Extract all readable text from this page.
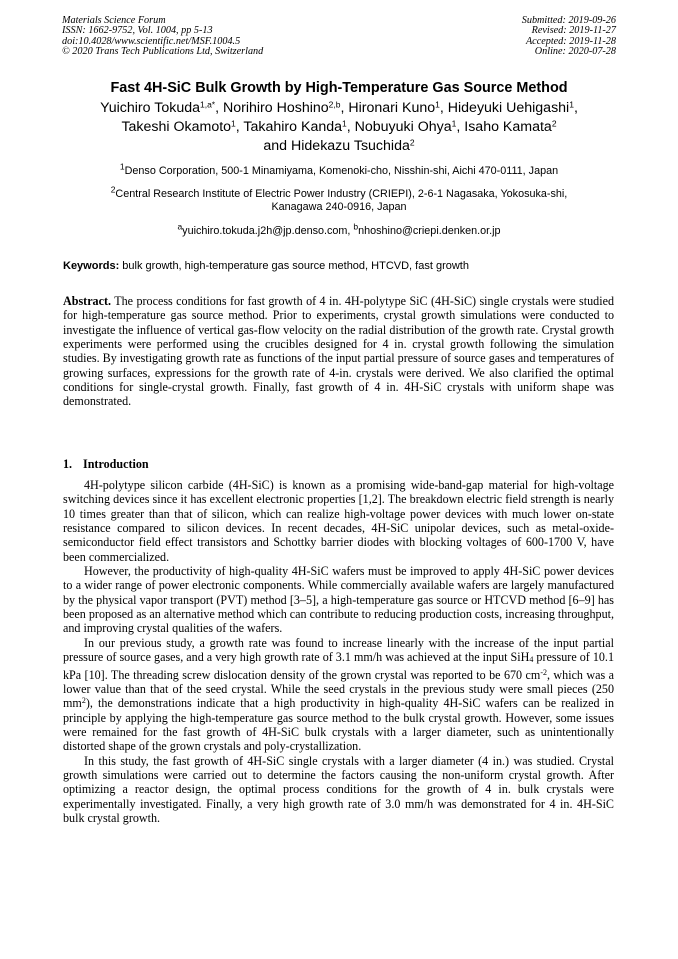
Materials Science Forum
ISSN: 1662-9752, Vol. 1004, pp 5-13
doi:10.4028/www.scientific.net/MSF.1004.5
© 2020 Trans Tech Publications Ltd, Switzerland
Submitted: 2019-09-26
Revised: 2019-11-27
Accepted: 2019-11-28
Online: 2020-07-28
Fast 4H-SiC Bulk Growth by High-Temperature Gas Source Method
Yuichiro Tokuda$^{1,a*}$, Norihiro Hoshino$^{2,b}$, Hironari Kuno$^1$, Hideyuki Uehigashi$^1$,
Takeshi Okamoto$^1$, Takahiro Kanda$^1$, Nobuyuki Ohya$^1$, Isaho Kamata$^2$
and Hidekazu Tsuchida$^2$
$^1$Denso Corporation, 500-1 Minamiyama, Komenoki-cho, Nisshin-shi, Aichi 470-0111, Japan
$^2$Central Research Institute of Electric Power Industry (CRIEPI), 2-6-1 Nagasaka, Yokosuka-shi,
Kanagawa 240-0916, Japan
$^a$yuichiro.tokuda.j2h@jp.denso.com, $^b$nhoshino@criepi.denken.or.jp
Keywords: bulk growth, high-temperature gas source method, HTCVD, fast growth
Abstract. The process conditions for fast growth of 4 in. 4H-polytype SiC (4H-SiC) single crystals were studied for high-temperature gas source method. Prior to experiments, crystal growth simulations were conducted to investigate the influence of vertical gas-flow velocity on the radial distribution of the growth rate. Crystal growth experiments were performed using the crucibles designed for 4 in. crystal growth following the simulation studies. By investigating growth rate as functions of the input partial pressure of source gases and temperatures of growing surfaces, expressions for the growth rate of 4-in. crystals were derived. We also clarified the optimal conditions for single-crystal growth. Finally, fast growth of 4 in. 4H-SiC crystals with uniform shape was demonstrated.
1. Introduction

4H-polytype silicon carbide (4H-SiC) is known as a promising wide-band-gap material for high-voltage switching devices since it has excellent electronic properties [1,2]. The breakdown electric field strength is nearly 10 times greater than that of silicon, which can realize high-voltage power devices with much lower on-state resistance compared to silicon devices. In recent decades, 4H-SiC unipolar devices, such as metal-oxide-semiconductor field effect transistors and Schottky barrier diodes with blocking voltages of 600-1700 V, have been commercialized.

However, the productivity of high-quality 4H-SiC wafers must be improved to apply 4H-SiC power devices to a wider range of power electronic components. While commercially available wafers are largely manufactured by the physical vapor transport (PVT) method [3–5], a high-temperature gas source or HTCVD method [6–9] has been proposed as an alternative method which can contribute to reducing production costs, increasing throughput, and improving crystal qualities of the wafers.

In our previous study, a growth rate was found to increase linearly with the increase of the input partial pressure of source gases, and a very high growth rate of 3.1 mm/h was achieved at the input SiH$_4$ pressure of 10.1 kPa [10]. The threading screw dislocation density of the grown crystal was reported to be 670 $cm^{-2}$, which was a lower value than that of the seed crystal. While the seed crystals in the previous study were small pieces (250 $mm^2$), the demonstrations indicate that a high productivity in high-quality 4H-SiC wafers can be realized in principle by applying the high-temperature gas source method to the bulk crystal growth. However, some issues were remained for the fast growth of 4H-SiC bulk crystals with a larger diameter, such as unintentionally distorted shape of the grown crystals and poly-crystallization.

In this study, the fast growth of 4H-SiC single crystals with a larger diameter (4 in.) was studied. Crystal growth simulations were carried out to determine the factors causing the non-uniform crystal growth. After optimizing a reactor design, the optimal process conditions for the growth of 4 in. bulk crystals were experimentally investigated. Finally, a very high growth rate of 3.0 mm/h was demonstrated for 4 in. 4H-SiC bulk crystal growth.
